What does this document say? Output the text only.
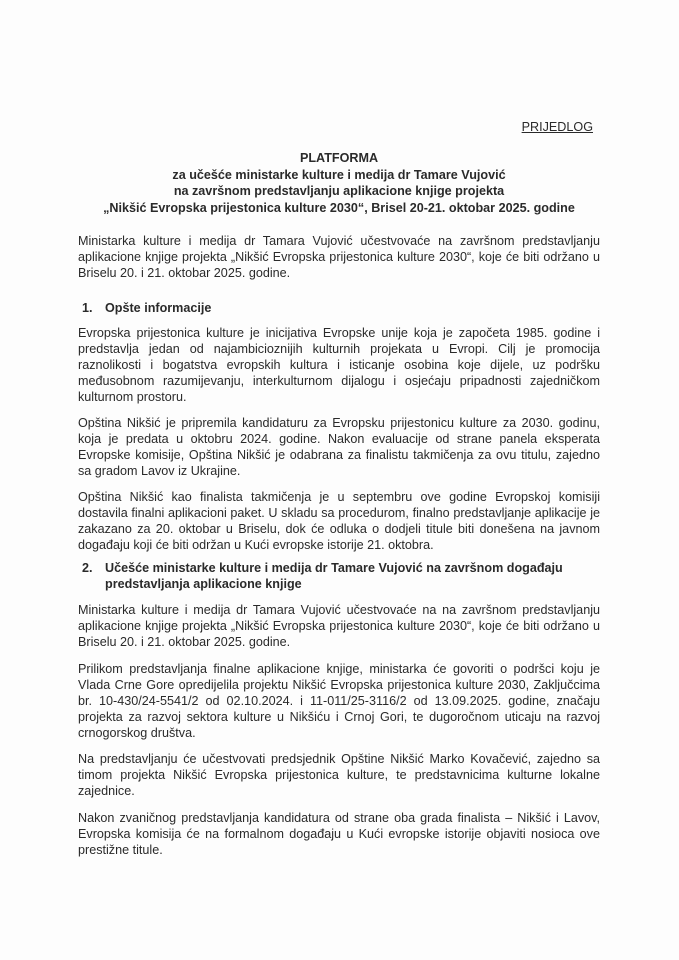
PRIJEDLOG
PLATFORMA
za učešće ministarke kulture i medija dr Tamare Vujović
na završnom predstavljanju aplikacione knjige projekta
„Nikšić Evropska prijestonica kulture 2030“, Brisel 20-21. oktobar 2025. godine
Ministarka kulture i medija dr Tamara Vujović učestvovaće na završnom predstavljanju aplikacione knjige projekta „Nikšić Evropska prijestonica kulture 2030“, koje će biti održano u Briselu 20. i 21. oktobar 2025. godine.
1. Opšte informacije
Evropska prijestonica kulture je inicijativa Evropske unije koja je započeta 1985. godine i predstavlja jedan od najambicioznijih kulturnih projekata u Evropi. Cilj je promocija raznolikosti i bogatstva evropskih kultura i isticanje osobina koje dijele, uz podršku međusobnom razumijevanju, interkulturnom dijalogu i osjećaju pripadnosti zajedničkom kulturnom prostoru.
Opština Nikšić je pripremila kandidaturu za Evropsku prijestonicu kulture za 2030. godinu, koja je predata u oktobru 2024. godine. Nakon evaluacije od strane panela eksperata Evropske komisije, Opština Nikšić je odabrana za finalistu takmičenja za ovu titulu, zajedno sa gradom Lavov iz Ukrajine.
Opština Nikšić kao finalista takmičenja je u septembru ove godine Evropskoj komisiji dostavila finalni aplikacioni paket. U skladu sa procedurom, finalno predstavljanje aplikacije je zakazano za 20. oktobar u Briselu, dok će odluka o dodjeli titule biti donešena na javnom događaju koji će biti održan u Kući evropske istorije 21. oktobra.
2. Učešće ministarke kulture i medija dr Tamare Vujović na završnom događaju predstavljanja aplikacione knjige
Ministarka kulture i medija dr Tamara Vujović učestvovaće na na završnom predstavljanju aplikacione knjige projekta „Nikšić Evropska prijestonica kulture 2030“, koje će biti održano u Briselu 20. i 21. oktobar 2025. godine.
Prilikom predstavljanja finalne aplikacione knjige, ministarka će govoriti o podršci koju je Vlada Crne Gore opredijelila projektu Nikšić Evropska prijestonica kulture 2030, Zaključcima br. 10-430/24-5541/2 od 02.10.2024. i 11-011/25-3116/2 od 13.09.2025. godine, značaju projekta za razvoj sektora kulture u Nikšiću i Crnoj Gori, te dugoročnom uticaju na razvoj crnogorskog društva.
Na predstavljanju će učestvovati predsjednik Opštine Nikšić Marko Kovačević, zajedno sa timom projekta Nikšić Evropska prijestonica kulture, te predstavnicima kulturne lokalne zajednice.
Nakon zvaničnog predstavljanja kandidatura od strane oba grada finalista – Nikšić i Lavov, Evropska komisija će na formalnom događaju u Kući evropske istorije objaviti nosioca ove prestižne titule.
